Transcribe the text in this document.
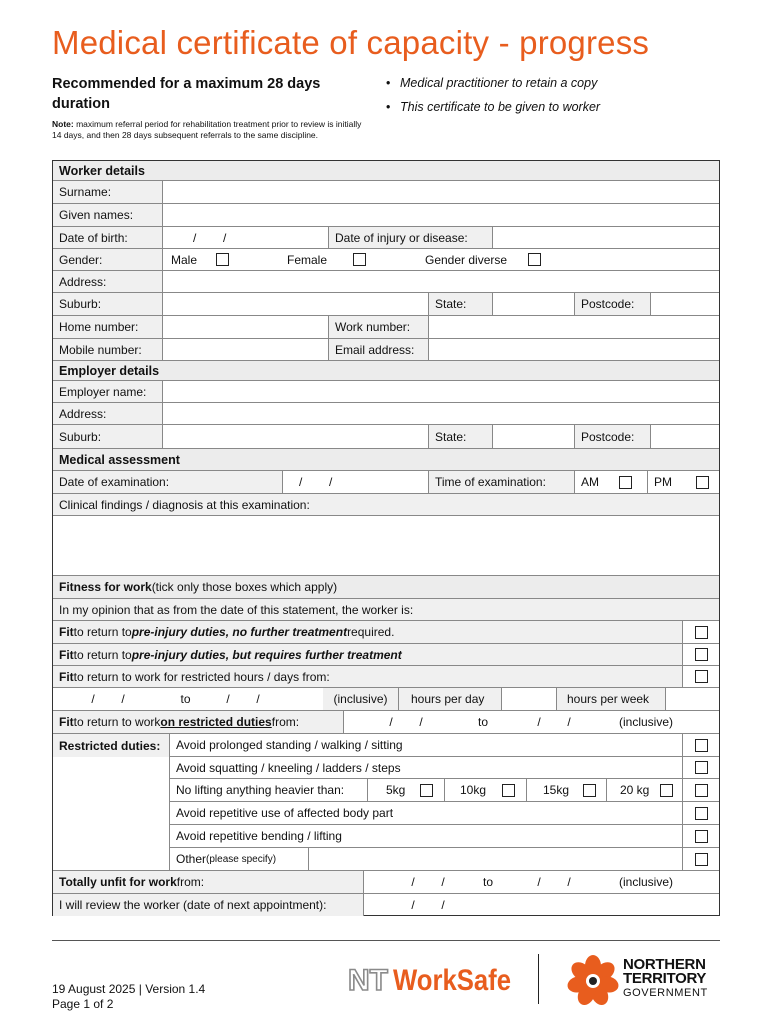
Medical certificate of capacity - progress
Recommended for a maximum 28 days duration
Note: maximum referral period for rehabilitation treatment prior to review is initially 14 days, and then 28 days subsequent referrals to the same discipline.
• Medical practitioner to retain a copy
• This certificate to be given to worker
Worker details
Surname:
Given names:
Date of birth:	/        /	Date of injury or disease:
Gender:	Male	Female	Gender diverse
Address:
Suburb:	State:	Postcode:
Home number:	Work number:
Mobile number:	Email address:
Employer details
Employer name:
Address:
Suburb:	State:	Postcode:
Medical assessment
Date of examination:	/        /	Time of examination:	AM	PM
Clinical findings / diagnosis at this examination:
Fitness for work (tick only those boxes which apply)
In my opinion that as from the date of this statement, the worker is:
Fit to return to pre-injury duties, no further treatment required.
Fit to return to pre-injury duties, but requires further treatment
Fit to return to work for restricted hours / days from:
/        /	to	/        /	(inclusive)	hours per day	hours per week
Fit to return to work on restricted duties from:	/        /	to	/        /	(inclusive)
Restricted duties:	Avoid prolonged standing / walking / sitting
Avoid squatting / kneeling / ladders / steps
No lifting anything heavier than:	5kg	10kg	15kg	20 kg
Avoid repetitive use of affected body part
Avoid repetitive bending / lifting
Other (please specify)
Totally unfit for work from:	/        /	to	/        /	(inclusive)
I will review the worker (date of next appointment):	/        /
19 August 2025 | Version 1.4
Page 1 of 2
NT WorkSafe	NORTHERN
TERRITORY
GOVERNMENT
